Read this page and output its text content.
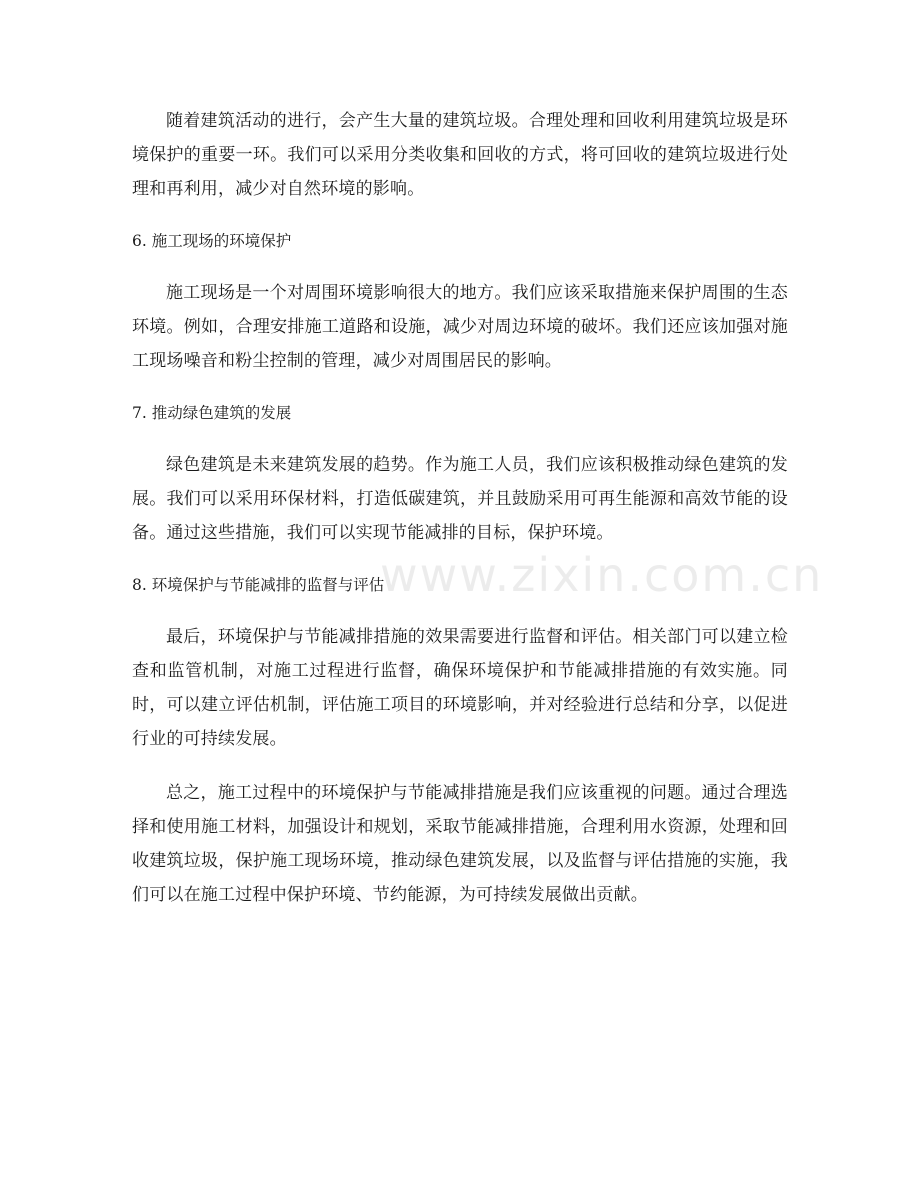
随着建筑活动的进行，会产生大量的建筑垃圾。合理处理和回收利用建筑垃圾是环境保护的重要一环。我们可以采用分类收集和回收的方式，将可回收的建筑垃圾进行处理和再利用，减少对自然环境的影响。

6. 施工现场的环境保护

施工现场是一个对周围环境影响很大的地方。我们应该采取措施来保护周围的生态环境。例如，合理安排施工道路和设施，减少对周边环境的破坏。我们还应该加强对施工现场噪音和粉尘控制的管理，减少对周围居民的影响。

7. 推动绿色建筑的发展

绿色建筑是未来建筑发展的趋势。作为施工人员，我们应该积极推动绿色建筑的发展。我们可以采用环保材料，打造低碳建筑，并且鼓励采用可再生能源和高效节能的设备。通过这些措施，我们可以实现节能减排的目标，保护环境。

8. 环境保护与节能减排的监督与评估

最后，环境保护与节能减排措施的效果需要进行监督和评估。相关部门可以建立检查和监管机制，对施工过程进行监督，确保环境保护和节能减排措施的有效实施。同时，可以建立评估机制，评估施工项目的环境影响，并对经验进行总结和分享，以促进行业的可持续发展。

总之，施工过程中的环境保护与节能减排措施是我们应该重视的问题。通过合理选择和使用施工材料，加强设计和规划，采取节能减排措施，合理利用水资源，处理和回收建筑垃圾，保护施工现场环境，推动绿色建筑发展，以及监督与评估措施的实施，我们可以在施工过程中保护环境、节约能源，为可持续发展做出贡献。

www.zixin.com.cn
